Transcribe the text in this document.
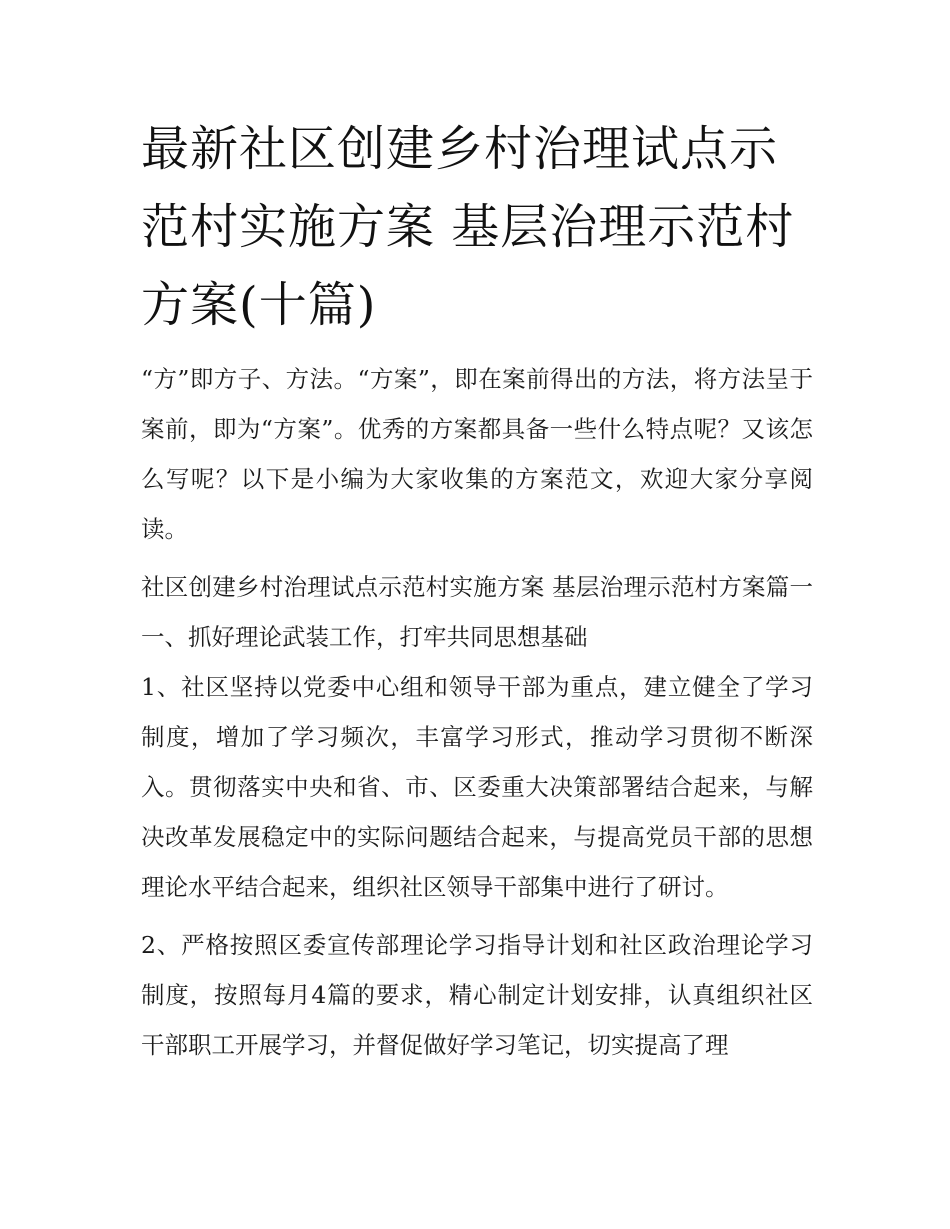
最新社区创建乡村治理试点示范村实施方案 基层治理示范村方案(十篇)

“方”即方子、方法。“方案”，即在案前得出的方法，将方法呈于案前，即为“方案”。优秀的方案都具备一些什么特点呢？又该怎么写呢？以下是小编为大家收集的方案范文，欢迎大家分享阅读。

社区创建乡村治理试点示范村实施方案 基层治理示范村方案篇一 一、抓好理论武装工作，打牢共同思想基础

1、社区坚持以党委中心组和领导干部为重点，建立健全了学习制度，增加了学习频次，丰富学习形式，推动学习贯彻不断深入。贯彻落实中央和省、市、区委重大决策部署结合起来，与解决改革发展稳定中的实际问题结合起来，与提高党员干部的思想理论水平结合起来，组织社区领导干部集中进行了研讨。

2、严格按照区委宣传部理论学习指导计划和社区政治理论学习制度，按照每月4篇的要求，精心制定计划安排，认真组织社区干部职工开展学习，并督促做好学习笔记，切实提高了理
